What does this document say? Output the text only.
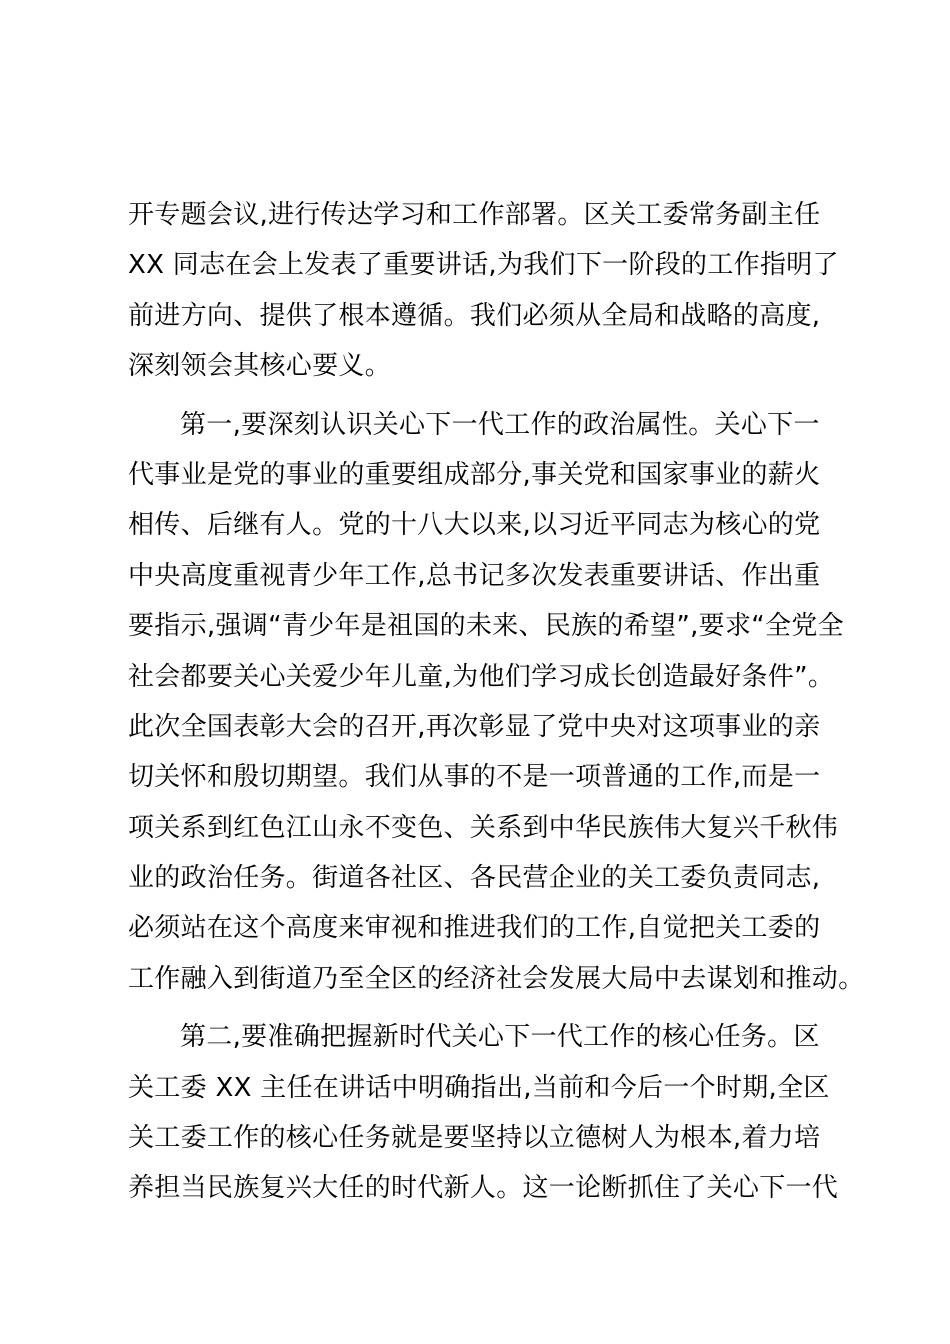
开专题会议,进行传达学习和工作部署。区关工委常务副主任
XX 同志在会上发表了重要讲话,为我们下一阶段的工作指明了
前进方向、提供了根本遵循。我们必须从全局和战略的高度,
深刻领会其核心要义。
第一,要深刻认识关心下一代工作的政治属性。关心下一
代事业是党的事业的重要组成部分,事关党和国家事业的薪火
相传、后继有人。党的十八大以来,以习近平同志为核心的党
中央高度重视青少年工作,总书记多次发表重要讲话、作出重
要指示,强调“青少年是祖国的未来、民族的希望”,要求“全党全
社会都要关心关爱少年儿童,为他们学习成长创造最好条件”。
此次全国表彰大会的召开,再次彰显了党中央对这项事业的亲
切关怀和殷切期望。我们从事的不是一项普通的工作,而是一
项关系到红色江山永不变色、关系到中华民族伟大复兴千秋伟
业的政治任务。街道各社区、各民营企业的关工委负责同志,
必须站在这个高度来审视和推进我们的工作,自觉把关工委的
工作融入到街道乃至全区的经济社会发展大局中去谋划和推动。
第二,要准确把握新时代关心下一代工作的核心任务。区
关工委 XX 主任在讲话中明确指出,当前和今后一个时期,全区
关工委工作的核心任务就是要坚持以立德树人为根本,着力培
养担当民族复兴大任的时代新人。这一论断抓住了关心下一代
